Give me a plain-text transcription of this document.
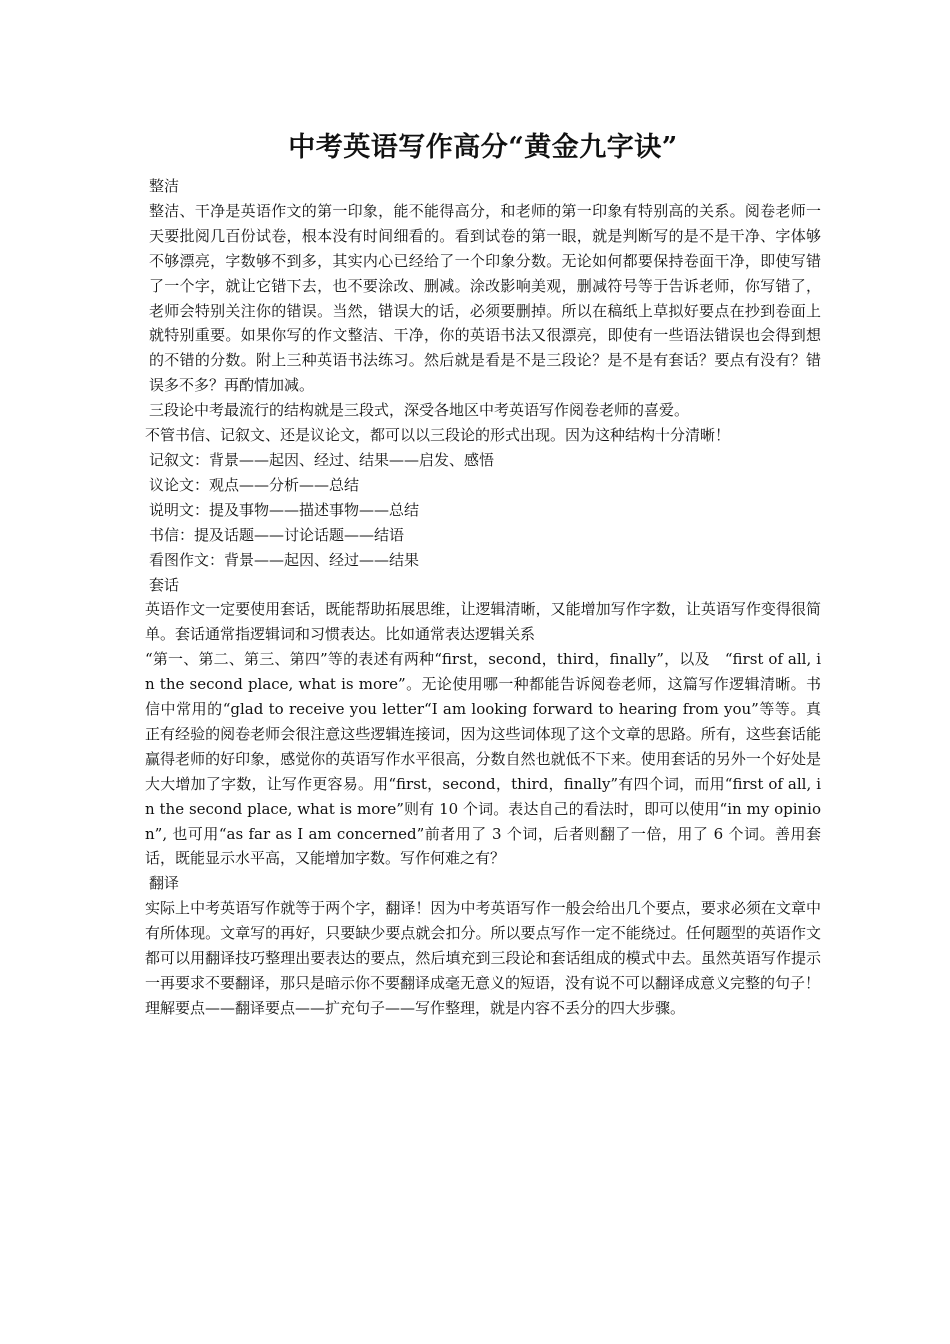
中考英语写作高分“黄金九字诀”

整洁

整洁、干净是英语作文的第一印象，能不能得高分，和老师的第一印象有特别高的关系。阅卷老师一天要批阅几百份试卷，根本没有时间细看的。看到试卷的第一眼，就是判断写的是不是干净、字体够不够漂亮，字数够不到多，其实内心已经给了一个印象分数。无论如何都要保持卷面干净，即使写错了一个字，就让它错下去，也不要涂改、删减。涂改影响美观，删减符号等于告诉老师，你写错了，老师会特别关注你的错误。当然，错误大的话，必须要删掉。所以在稿纸上草拟好要点在抄到卷面上就特别重要。如果你写的作文整洁、干净，你的英语书法又很漂亮，即使有一些语法错误也会得到想的不错的分数。附上三种英语书法练习。然后就是看是不是三段论？是不是有套话？要点有没有？错误多不多？再酌情加减。

三段论中考最流行的结构就是三段式，深受各地区中考英语写作阅卷老师的喜爱。

不管书信、记叙文、还是议论文，都可以以三段论的形式出现。因为这种结构十分清晰！

记叙文：背景——起因、经过、结果——启发、感悟

议论文：观点——分析——总结

说明文：提及事物——描述事物——总结

书信：提及话题——讨论话题——结语

看图作文：背景——起因、经过——结果

套话

英语作文一定要使用套话，既能帮助拓展思维，让逻辑清晰，又能增加写作字数，让英语写作变得很简单。套话通常指逻辑词和习惯表达。比如通常表达逻辑关系

“第一、第二、第三、第四”等的表述有两种“first，second，third，finally”，以及　“first of all, in the second place, what is more”。无论使用哪一种都能告诉阅卷老师，这篇写作逻辑清晰。书信中常用的“glad to receive you letter“I am looking forward to hearing from you”等等。真正有经验的阅卷老师会很注意这些逻辑连接词，因为这些词体现了这个文章的思路。所有，这些套话能赢得老师的好印象，感觉你的英语写作水平很高，分数自然也就低不下来。使用套话的另外一个好处是大大增加了字数，让写作更容易。用“first，second，third，finally”有四个词，而用“first of all, in the second place, what is more”则有 10 个词。表达自己的看法时，即可以使用“in my opinion”, 也可用“as far as I am concerned”前者用了 3 个词，后者则翻了一倍，用了 6 个词。善用套话，既能显示水平高，又能增加字数。写作何难之有？

翻译

实际上中考英语写作就等于两个字，翻译！因为中考英语写作一般会给出几个要点，要求必须在文章中有所体现。文章写的再好，只要缺少要点就会扣分。所以要点写作一定不能绕过。任何题型的英语作文都可以用翻译技巧整理出要表达的要点，然后填充到三段论和套话组成的模式中去。虽然英语写作提示一再要求不要翻译，那只是暗示你不要翻译成毫无意义的短语，没有说不可以翻译成意义完整的句子！

理解要点——翻译要点——扩充句子——写作整理，就是内容不丢分的四大步骤。
